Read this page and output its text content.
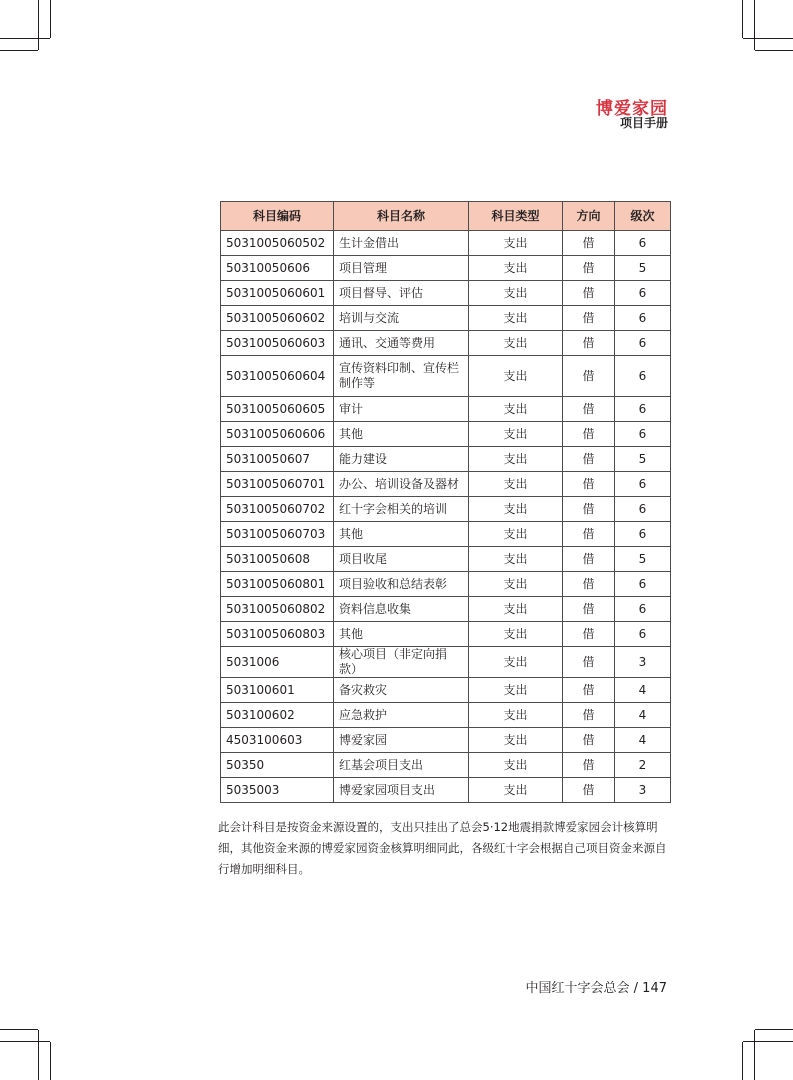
博爱家园
项目手册
科目编码	科目名称	科目类型	方向	级次
5031005060502	生计金借出	支出	借	6
50310050606	项目管理	支出	借	5
5031005060601	项目督导、评估	支出	借	6
5031005060602	培训与交流	支出	借	6
5031005060603	通讯、交通等费用	支出	借	6
5031005060604	宣传资料印制、宣传栏制作等	支出	借	6
5031005060605	审计	支出	借	6
5031005060606	其他	支出	借	6
50310050607	能力建设	支出	借	5
5031005060701	办公、培训设备及器材	支出	借	6
5031005060702	红十字会相关的培训	支出	借	6
5031005060703	其他	支出	借	6
50310050608	项目收尾	支出	借	5
5031005060801	项目验收和总结表彰	支出	借	6
5031005060802	资料信息收集	支出	借	6
5031005060803	其他	支出	借	6
5031006	核心项目（非定向捐款）	支出	借	3
503100601	备灾救灾	支出	借	4
503100602	应急救护	支出	借	4
4503100603	博爱家园	支出	借	4
50350	红基会项目支出	支出	借	2
5035003	博爱家园项目支出	支出	借	3
此会计科目是按资金来源设置的，支出只挂出了总会5·12地震捐款博爱家园会计核算明细，其他资金来源的博爱家园资金核算明细同此，各级红十字会根据自己项目资金来源自行增加明细科目。
中国红十字会总会 / 147
